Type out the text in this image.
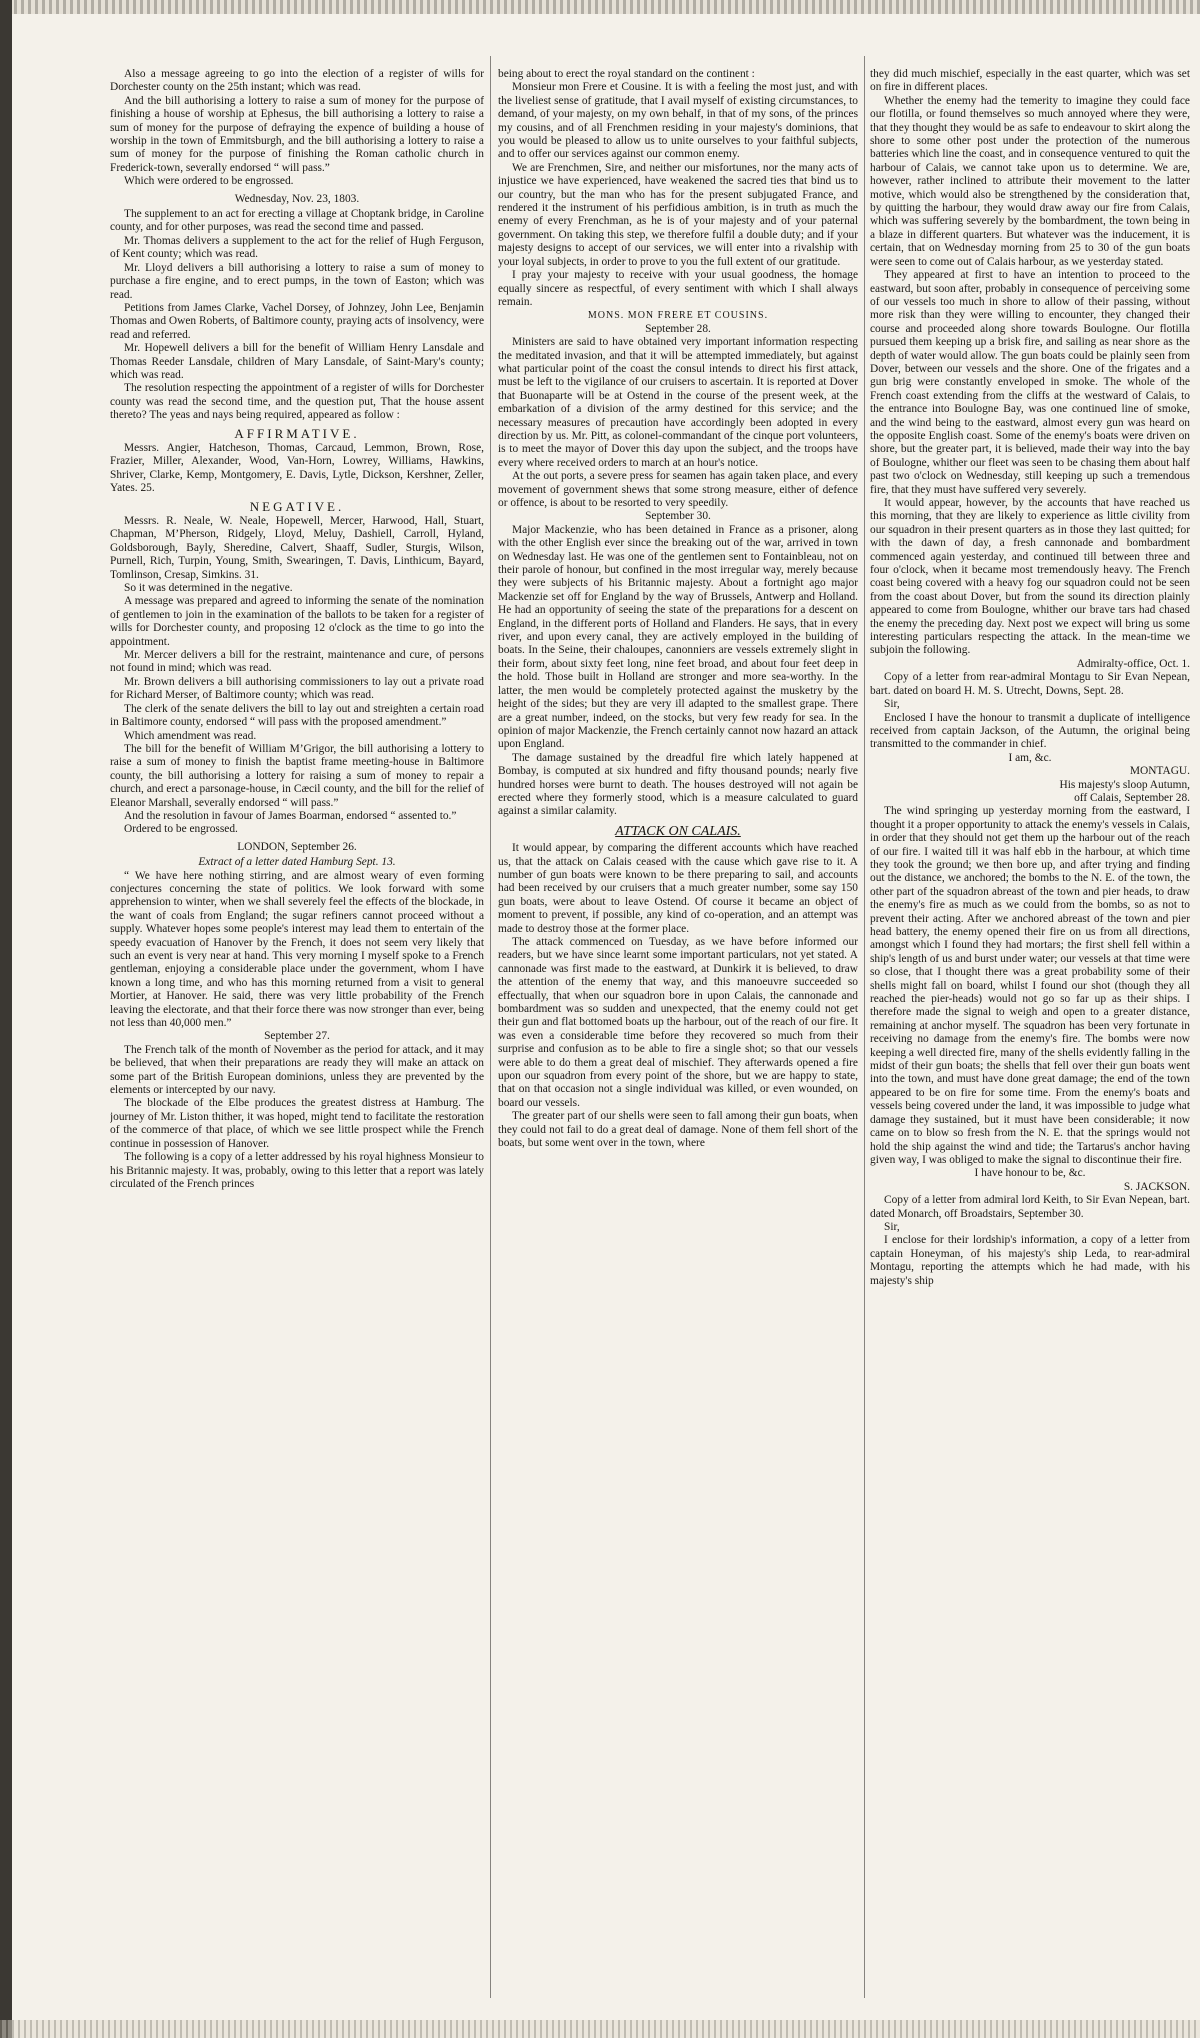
Also a message agreeing to go into the election of a register of wills for Dorchester county on the 25th instant; which was read.

And the bill authorising a lottery to raise a sum of money for the purpose of finishing a house of worship at Ephesus, the bill authorising a lottery to raise a sum of money for the purpose of defraying the expence of building a house of worship in the town of Emmitsburgh, and the bill authorising a lottery to raise a sum of money for the purpose of finishing the Roman catholic church in Frederick-town, severally endorsed “ will pass.”

Which were ordered to be engrossed.

Wednesday, Nov. 23, 1803.

The supplement to an act for erecting a village at Choptank bridge, in Caroline county, and for other purposes, was read the second time and passed.

Mr. Thomas delivers a supplement to the act for the relief of Hugh Ferguson, of Kent county; which was read.

Mr. Lloyd delivers a bill authorising a lottery to raise a sum of money to purchase a fire engine, and to erect pumps, in the town of Easton; which was read.

Petitions from James Clarke, Vachel Dorsey, of Johnzey, John Lee, Benjamin Thomas and Owen Roberts, of Baltimore county, praying acts of insolvency, were read and referred.

Mr. Hopewell delivers a bill for the benefit of William Henry Lansdale and Thomas Reeder Lansdale, children of Mary Lansdale, of Saint-Mary's county; which was read.

The resolution respecting the appointment of a register of wills for Dorchester county was read the second time, and the question put, That the house assent thereto? The yeas and nays being required, appeared as follow :

AFFIRMATIVE.

Messrs. Angier, Hatcheson, Thomas, Carcaud, Lemmon, Brown, Rose, Frazier, Miller, Alexander, Wood, Van-Horn, Lowrey, Williams, Hawkins, Shriver, Clarke, Kemp, Montgomery, E. Davis, Lytle, Dickson, Kershner, Zeller, Yates. 25.

NEGATIVE.

Messrs. R. Neale, W. Neale, Hopewell, Mercer, Harwood, Hall, Stuart, Chapman, M’Pherson, Ridgely, Lloyd, Meluy, Dashiell, Carroll, Hyland, Goldsborough, Bayly, Sheredine, Calvert, Shaaff, Sudler, Sturgis, Wilson, Purnell, Rich, Turpin, Young, Smith, Swearingen, T. Davis, Linthicum, Bayard, Tomlinson, Cresap, Simkins. 31.

So it was determined in the negative.

A message was prepared and agreed to informing the senate of the nomination of gentlemen to join in the examination of the ballots to be taken for a register of wills for Dorchester county, and proposing 12 o'clock as the time to go into the appointment.

Mr. Mercer delivers a bill for the restraint, maintenance and cure, of persons not found in mind; which was read.

Mr. Brown delivers a bill authorising commissioners to lay out a private road for Richard Merser, of Baltimore county; which was read.

The clerk of the senate delivers the bill to lay out and streighten a certain road in Baltimore county, endorsed “ will pass with the proposed amendment.”

Which amendment was read.

The bill for the benefit of William M’Grigor, the bill authorising a lottery to raise a sum of money to finish the baptist frame meeting-house in Baltimore county, the bill authorising a lottery for raising a sum of money to repair a church, and erect a parsonage-house, in Cæcil county, and the bill for the relief of Eleanor Marshall, severally endorsed “ will pass.”

And the resolution in favour of James Boarman, endorsed “ assented to.”

Ordered to be engrossed.

LONDON, September 26.

Extract of a letter dated Hamburg Sept. 13.

“ We have here nothing stirring, and are almost weary of even forming conjectures concerning the state of politics. We look forward with some apprehension to winter, when we shall severely feel the effects of the blockade, in the want of coals from England; the sugar refiners cannot proceed without a supply. Whatever hopes some people's interest may lead them to entertain of the speedy evacuation of Hanover by the French, it does not seem very likely that such an event is very near at hand. This very morning I myself spoke to a French gentleman, enjoying a considerable place under the government, whom I have known a long time, and who has this morning returned from a visit to general Mortier, at Hanover. He said, there was very little probability of the French leaving the electorate, and that their force there was now stronger than ever, being not less than 40,000 men.”

September 27.

The French talk of the month of November as the period for attack, and it may be believed, that when their preparations are ready they will make an attack on some part of the British European dominions, unless they are prevented by the elements or intercepted by our navy.

The blockade of the Elbe produces the greatest distress at Hamburg. The journey of Mr. Liston thither, it was hoped, might tend to facilitate the restoration of the commerce of that place, of which we see little prospect while the French continue in possession of Hanover.

The following is a copy of a letter addressed by his royal highness Monsieur to his Britannic majesty. It was, probably, owing to this letter that a report was lately circulated of the French princes

being about to erect the royal standard on the continent :

Monsieur mon Frere et Cousine. It is with a feeling the most just, and with the liveliest sense of gratitude, that I avail myself of existing circumstances, to demand, of your majesty, on my own behalf, in that of my sons, of the princes my cousins, and of all Frenchmen residing in your majesty's dominions, that you would be pleased to allow us to unite ourselves to your faithful subjects, and to offer our services against our common enemy.

We are Frenchmen, Sire, and neither our misfortunes, nor the many acts of injustice we have experienced, have weakened the sacred ties that bind us to our country, but the man who has for the present subjugated France, and rendered it the instrument of his perfidious ambition, is in truth as much the enemy of every Frenchman, as he is of your majesty and of your paternal government. On taking this step, we therefore fulfil a double duty; and if your majesty designs to accept of our services, we will enter into a rivalship with your loyal subjects, in order to prove to you the full extent of our gratitude.

I pray your majesty to receive with your usual goodness, the homage equally sincere as respectful, of every sentiment with which I shall always remain.

MONS. MON FRERE ET COUSINS.

September 28.

Ministers are said to have obtained very important information respecting the meditated invasion, and that it will be attempted immediately, but against what particular point of the coast the consul intends to direct his first attack, must be left to the vigilance of our cruisers to ascertain. It is reported at Dover that Buonaparte will be at Ostend in the course of the present week, at the embarkation of a division of the army destined for this service; and the necessary measures of precaution have accordingly been adopted in every direction by us. Mr. Pitt, as colonel-commandant of the cinque port volunteers, is to meet the mayor of Dover this day upon the subject, and the troops have every where received orders to march at an hour's notice.

At the out ports, a severe press for seamen has again taken place, and every movement of government shews that some strong measure, either of defence or offence, is about to be resorted to very speedily.

September 30.

Major Mackenzie, who has been detained in France as a prisoner, along with the other English ever since the breaking out of the war, arrived in town on Wednesday last. He was one of the gentlemen sent to Fontainbleau, not on their parole of honour, but confined in the most irregular way, merely because they were subjects of his Britannic majesty. About a fortnight ago major Mackenzie set off for England by the way of Brussels, Antwerp and Holland. He had an opportunity of seeing the state of the preparations for a descent on England, in the different ports of Holland and Flanders. He says, that in every river, and upon every canal, they are actively employed in the building of boats. In the Seine, their chaloupes, canonniers are vessels extremely slight in their form, about sixty feet long, nine feet broad, and about four feet deep in the hold. Those built in Holland are stronger and more sea-worthy. In the latter, the men would be completely protected against the musketry by the height of the sides; but they are very ill adapted to the smallest grape. There are a great number, indeed, on the stocks, but very few ready for sea. In the opinion of major Mackenzie, the French certainly cannot now hazard an attack upon England.

The damage sustained by the dreadful fire which lately happened at Bombay, is computed at six hundred and fifty thousand pounds; nearly five hundred horses were burnt to death. The houses destroyed will not again be erected where they formerly stood, which is a measure calculated to guard against a similar calamity.

ATTACK ON CALAIS.

It would appear, by comparing the different accounts which have reached us, that the attack on Calais ceased with the cause which gave rise to it. A number of gun boats were known to be there preparing to sail, and accounts had been received by our cruisers that a much greater number, some say 150 gun boats, were about to leave Ostend. Of course it became an object of moment to prevent, if possible, any kind of co-operation, and an attempt was made to destroy those at the former place.

The attack commenced on Tuesday, as we have before informed our readers, but we have since learnt some important particulars, not yet stated. A cannonade was first made to the eastward, at Dunkirk it is believed, to draw the attention of the enemy that way, and this manoeuvre succeeded so effectually, that when our squadron bore in upon Calais, the cannonade and bombardment was so sudden and unexpected, that the enemy could not get their gun and flat bottomed boats up the harbour, out of the reach of our fire. It was even a considerable time before they recovered so much from their surprise and confusion as to be able to fire a single shot; so that our vessels were able to do them a great deal of mischief. They afterwards opened a fire upon our squadron from every point of the shore, but we are happy to state, that on that occasion not a single individual was killed, or even wounded, on board our vessels.

The greater part of our shells were seen to fall among their gun boats, when they could not fail to do a great deal of damage. None of them fell short of the boats, but some went over in the town, where

they did much mischief, especially in the east quarter, which was set on fire in different places.

Whether the enemy had the temerity to imagine they could face our flotilla, or found themselves so much annoyed where they were, that they thought they would be as safe to endeavour to skirt along the shore to some other post under the protection of the numerous batteries which line the coast, and in consequence ventured to quit the harbour of Calais, we cannot take upon us to determine. We are, however, rather inclined to attribute their movement to the latter motive, which would also be strengthened by the consideration that, by quitting the harbour, they would draw away our fire from Calais, which was suffering severely by the bombardment, the town being in a blaze in different quarters. But whatever was the inducement, it is certain, that on Wednesday morning from 25 to 30 of the gun boats were seen to come out of Calais harbour, as we yesterday stated.

They appeared at first to have an intention to proceed to the eastward, but soon after, probably in consequence of perceiving some of our vessels too much in shore to allow of their passing, without more risk than they were willing to encounter, they changed their course and proceeded along shore towards Boulogne. Our flotilla pursued them keeping up a brisk fire, and sailing as near shore as the depth of water would allow. The gun boats could be plainly seen from Dover, between our vessels and the shore. One of the frigates and a gun brig were constantly enveloped in smoke. The whole of the French coast extending from the cliffs at the westward of Calais, to the entrance into Boulogne Bay, was one continued line of smoke, and the wind being to the eastward, almost every gun was heard on the opposite English coast. Some of the enemy's boats were driven on shore, but the greater part, it is believed, made their way into the bay of Boulogne, whither our fleet was seen to be chasing them about half past two o'clock on Wednesday, still keeping up such a tremendous fire, that they must have suffered very severely.

It would appear, however, by the accounts that have reached us this morning, that they are likely to experience as little civility from our squadron in their present quarters as in those they last quitted; for with the dawn of day, a fresh cannonade and bombardment commenced again yesterday, and continued till between three and four o'clock, when it became most tremendously heavy. The French coast being covered with a heavy fog our squadron could not be seen from the coast about Dover, but from the sound its direction plainly appeared to come from Boulogne, whither our brave tars had chased the enemy the preceding day. Next post we expect will bring us some interesting particulars respecting the attack. In the mean-time we subjoin the following.

Admiralty-office, Oct. 1.

Copy of a letter from rear-admiral Montagu to Sir Evan Nepean, bart. dated on board H. M. S. Utrecht, Downs, Sept. 28.

Sir,

Enclosed I have the honour to transmit a duplicate of intelligence received from captain Jackson, of the Autumn, the original being transmitted to the commander in chief.

I am, &c.

MONTAGU.

His majesty's sloop Autumn,

off Calais, September 28.

The wind springing up yesterday morning from the eastward, I thought it a proper opportunity to attack the enemy's vessels in Calais, in order that they should not get them up the harbour out of the reach of our fire. I waited till it was half ebb in the harbour, at which time they took the ground; we then bore up, and after trying and finding out the distance, we anchored; the bombs to the N. E. of the town, the other part of the squadron abreast of the town and pier heads, to draw the enemy's fire as much as we could from the bombs, so as not to prevent their acting. After we anchored abreast of the town and pier head battery, the enemy opened their fire on us from all directions, amongst which I found they had mortars; the first shell fell within a ship's length of us and burst under water; our vessels at that time were so close, that I thought there was a great probability some of their shells might fall on board, whilst I found our shot (though they all reached the pier-heads) would not go so far up as their ships. I therefore made the signal to weigh and open to a greater distance, remaining at anchor myself. The squadron has been very fortunate in receiving no damage from the enemy's fire. The bombs were now keeping a well directed fire, many of the shells evidently falling in the midst of their gun boats; the shells that fell over their gun boats went into the town, and must have done great damage; the end of the town appeared to be on fire for some time. From the enemy's boats and vessels being covered under the land, it was impossible to judge what damage they sustained, but it must have been considerable; it now came on to blow so fresh from the N. E. that the springs would not hold the ship against the wind and tide; the Tartarus's anchor having given way, I was obliged to make the signal to discontinue their fire.

I have honour to be, &c.

S. JACKSON.

Copy of a letter from admiral lord Keith, to Sir Evan Nepean, bart. dated Monarch, off Broadstairs, September 30.

Sir,

I enclose for their lordship's information, a copy of a letter from captain Honeyman, of his majesty's ship Leda, to rear-admiral Montagu, reporting the attempts which he had made, with his majesty's ship
